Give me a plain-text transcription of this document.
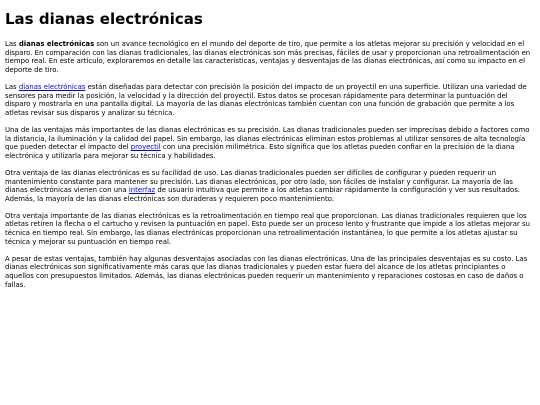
Las dianas electrónicas

Las dianas electrónicas son un avance tecnológico en el mundo del deporte de tiro, que permite a los atletas mejorar su precisión y velocidad en el disparo. En comparación con las dianas tradicionales, las dianas electrónicas son más precisas, fáciles de usar y proporcionan una retroalimentación en tiempo real. En este artículo, exploraremos en detalle las características, ventajas y desventajas de las dianas electrónicas, así como su impacto en el deporte de tiro.

Las dianas electrónicas están diseñadas para detectar con precisión la posición del impacto de un proyectil en una superficie. Utilizan una variedad de sensores para medir la posición, la velocidad y la dirección del proyectil. Estos datos se procesan rápidamente para determinar la puntuación del disparo y mostrarla en una pantalla digital. La mayoría de las dianas electrónicas también cuentan con una función de grabación que permite a los atletas revisar sus disparos y analizar su técnica.

Una de las ventajas más importantes de las dianas electrónicas es su precisión. Las dianas tradicionales pueden ser imprecisas debido a factores como la distancia, la iluminación y la calidad del papel. Sin embargo, las dianas electrónicas eliminan estos problemas al utilizar sensores de alta tecnología que pueden detectar el impacto del proyectil con una precisión milimétrica. Esto significa que los atletas pueden confiar en la precisión de la diana electrónica y utilizarla para mejorar su técnica y habilidades.

Otra ventaja de las dianas electrónicas es su facilidad de uso. Las dianas tradicionales pueden ser difíciles de configurar y pueden requerir un mantenimiento constante para mantener su precisión. Las dianas electrónicas, por otro lado, son fáciles de instalar y configurar. La mayoría de las dianas electrónicas vienen con una interfaz de usuario intuitiva que permite a los atletas cambiar rápidamente la configuración y ver sus resultados. Además, la mayoría de las dianas electrónicas son duraderas y requieren poco mantenimiento.

Otra ventaja importante de las dianas electrónicas es la retroalimentación en tiempo real que proporcionan. Las dianas tradicionales requieren que los atletas retiren la flecha o el cartucho y revisen la puntuación en papel. Esto puede ser un proceso lento y frustrante que impide a los atletas mejorar su técnica en tiempo real. Sin embargo, las dianas electrónicas proporcionan una retroalimentación instantánea, lo que permite a los atletas ajustar su técnica y mejorar su puntuación en tiempo real.

A pesar de estas ventajas, también hay algunas desventajas asociadas con las dianas electrónicas. Una de las principales desventajas es su costo. Las dianas electrónicas son significativamente más caras que las dianas tradicionales y pueden estar fuera del alcance de los atletas principiantes o aquellos con presupuestos limitados. Además, las dianas electrónicas pueden requerir un mantenimiento y reparaciones costosas en caso de daños o fallas.
